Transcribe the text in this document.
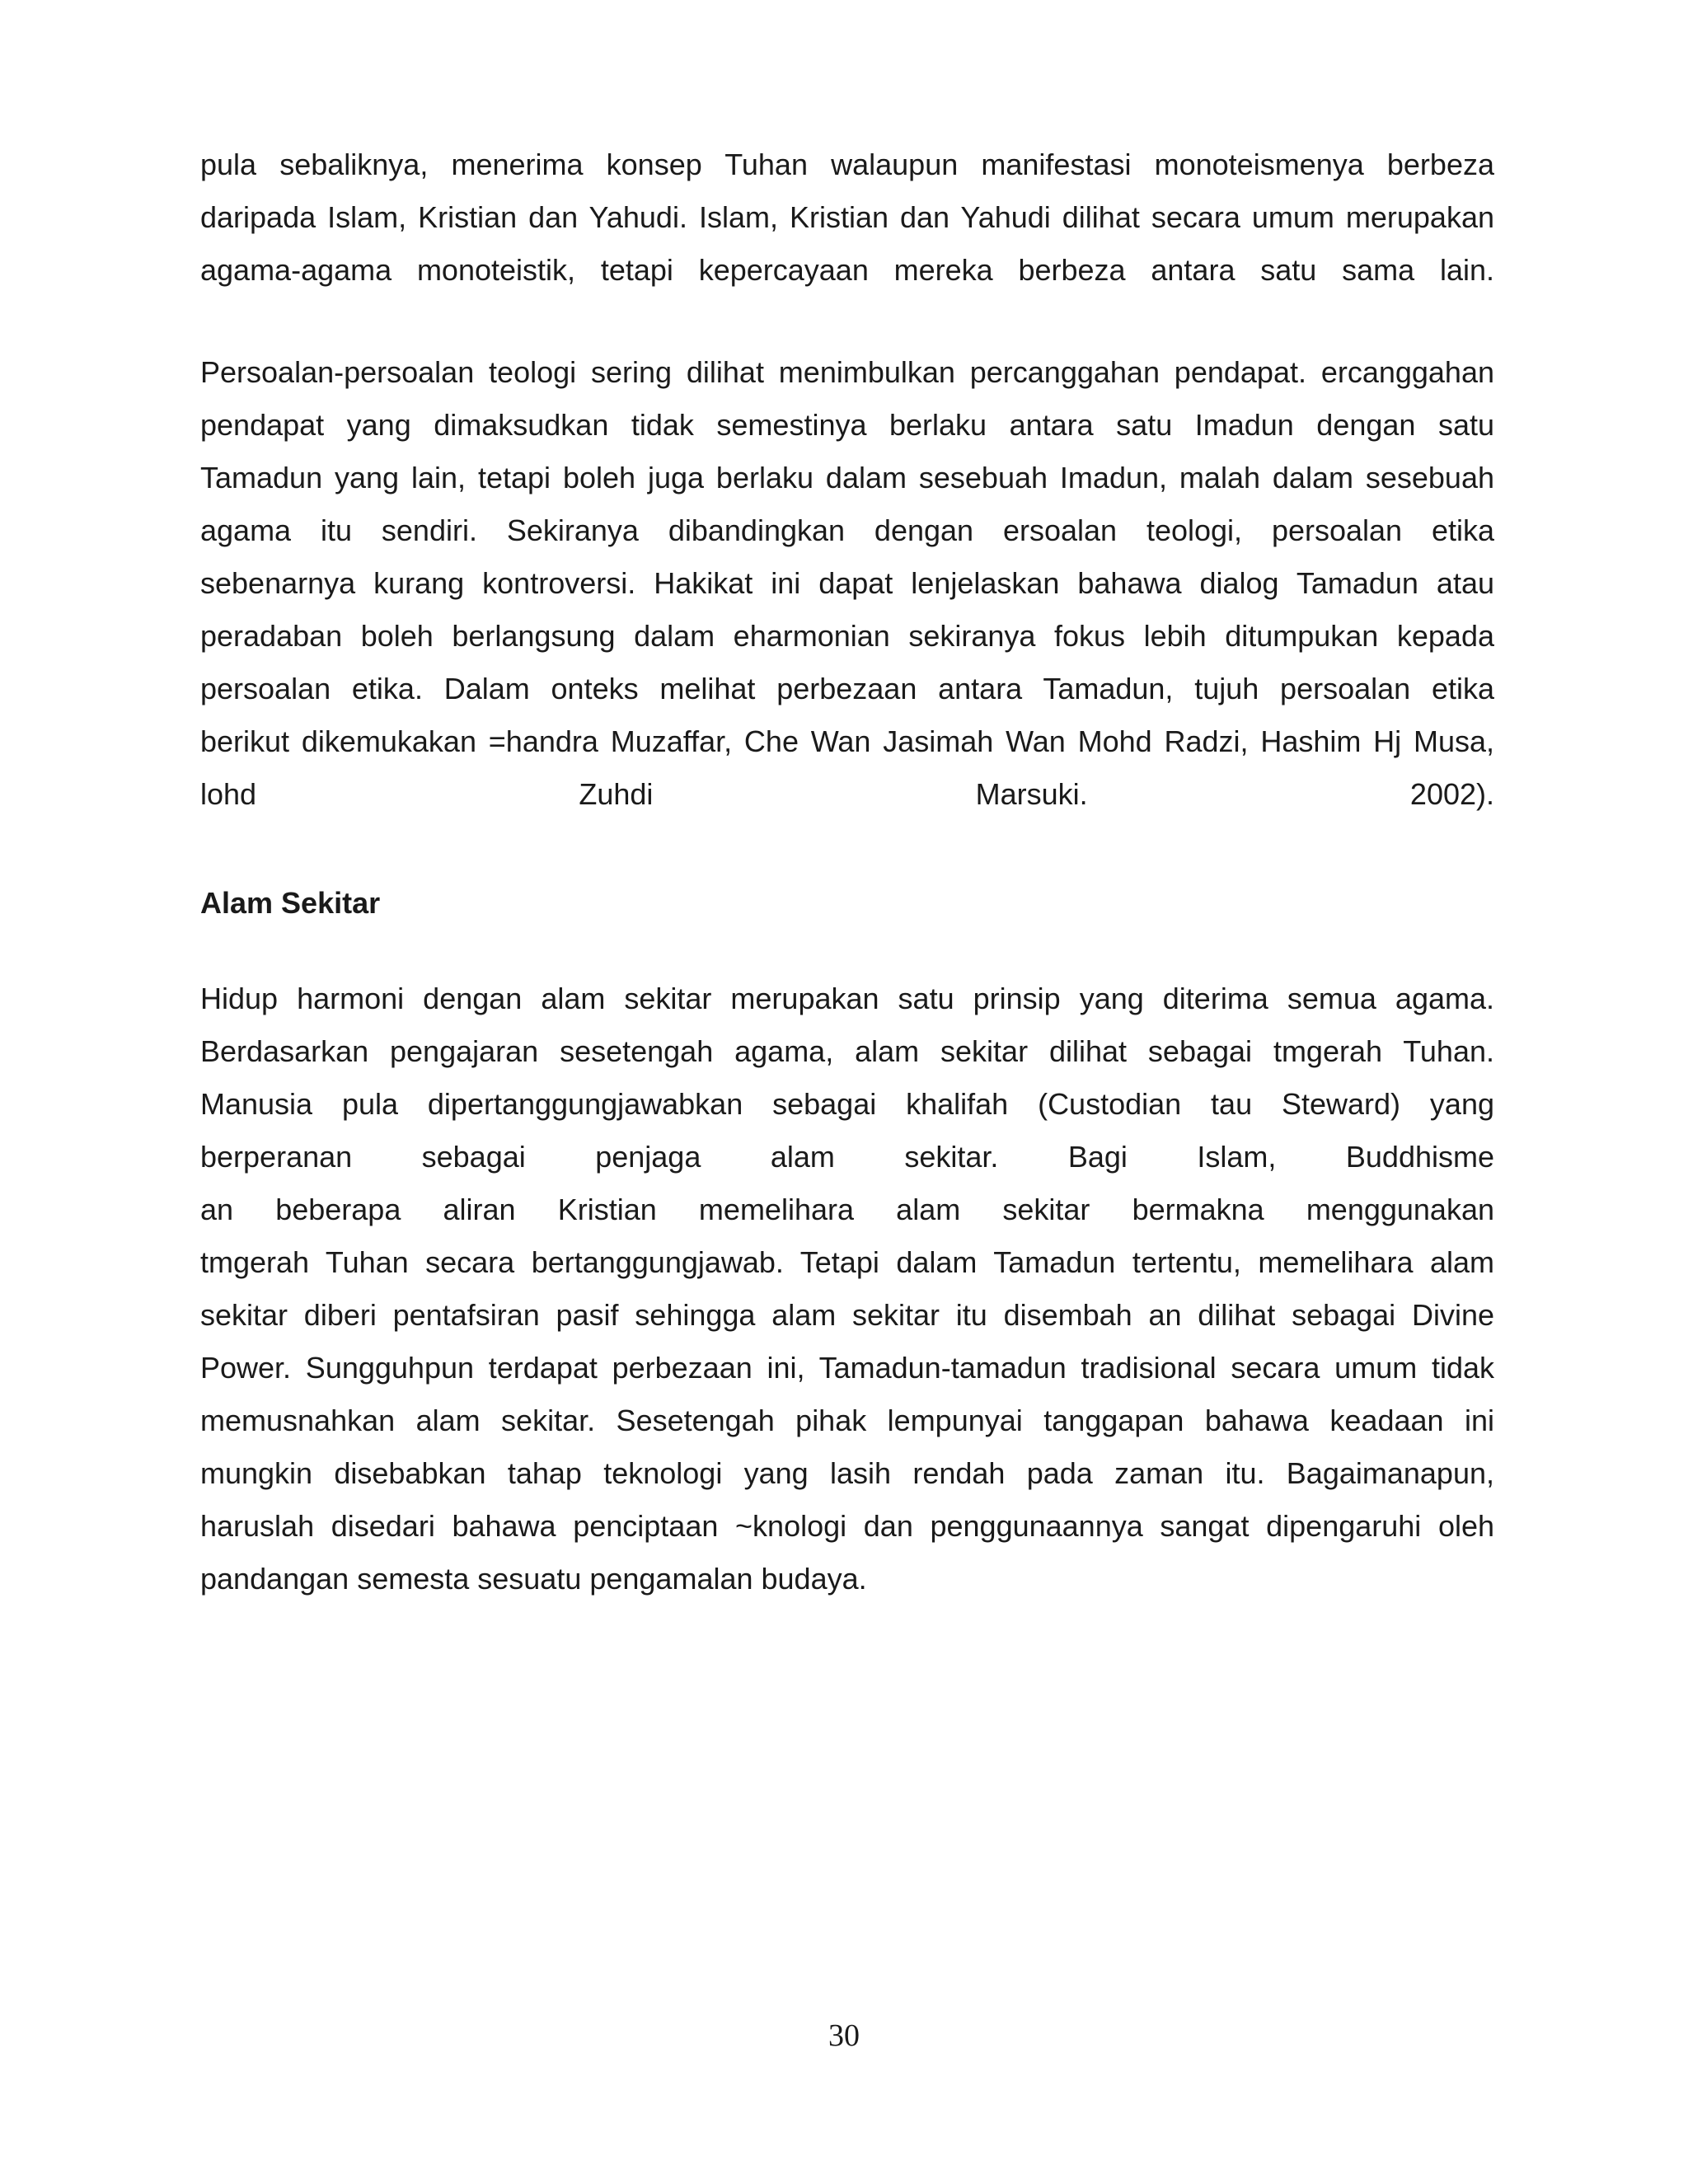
pula sebaliknya, menerima konsep Tuhan walaupun manifestasi monoteismenya berbeza
daripada Islam, Kristian dan Yahudi. Islam, Kristian dan Yahudi dilihat secara umum merupakan
agama-agama monoteistik, tetapi kepercayaan mereka berbeza antara satu sama lain.
Persoalan-persoalan teologi sering dilihat menimbulkan percanggahan pendapat. ercanggahan
pendapat yang dimaksudkan tidak semestinya berlaku antara satu Imadun dengan satu
Tamadun yang lain, tetapi boleh juga berlaku dalam sesebuah Imadun, malah dalam sesebuah
agama itu sendiri. Sekiranya dibandingkan dengan ersoalan teologi, persoalan etika
sebenarnya kurang kontroversi. Hakikat ini dapat lenjelaskan bahawa dialog Tamadun atau
peradaban boleh berlangsung dalam eharmonian sekiranya fokus lebih ditumpukan kepada
persoalan etika. Dalam onteks melihat perbezaan antara Tamadun, tujuh persoalan etika
berikut dikemukakan =handra Muzaffar, Che Wan Jasimah Wan Mohd Radzi, Hashim Hj Musa,
lohd Zuhdi Marsuki. 2002).
Alam Sekitar
Hidup harmoni dengan alam sekitar merupakan satu prinsip yang diterima semua agama.
Berdasarkan pengajaran sesetengah agama, alam sekitar dilihat sebagai tmgerah Tuhan.
Manusia pula dipertanggungjawabkan sebagai khalifah (Custodian tau Steward) yang
berperanan sebagai penjaga alam sekitar. Bagi Islam, Buddhisme
an beberapa aliran Kristian memelihara alam sekitar bermakna menggunakan
tmgerah Tuhan secara bertanggungjawab. Tetapi dalam Tamadun tertentu, memelihara alam
sekitar diberi pentafsiran pasif sehingga alam sekitar itu disembah an dilihat sebagai Divine
Power. Sungguhpun terdapat perbezaan ini, Tamadun-tamadun tradisional secara umum tidak
memusnahkan alam sekitar. Sesetengah pihak lempunyai tanggapan bahawa keadaan ini
mungkin disebabkan tahap teknologi yang lasih rendah pada zaman itu. Bagaimanapun,
haruslah disedari bahawa penciptaan ~knologi dan penggunaannya sangat dipengaruhi oleh
pandangan semesta sesuatu pengamalan budaya.
30
